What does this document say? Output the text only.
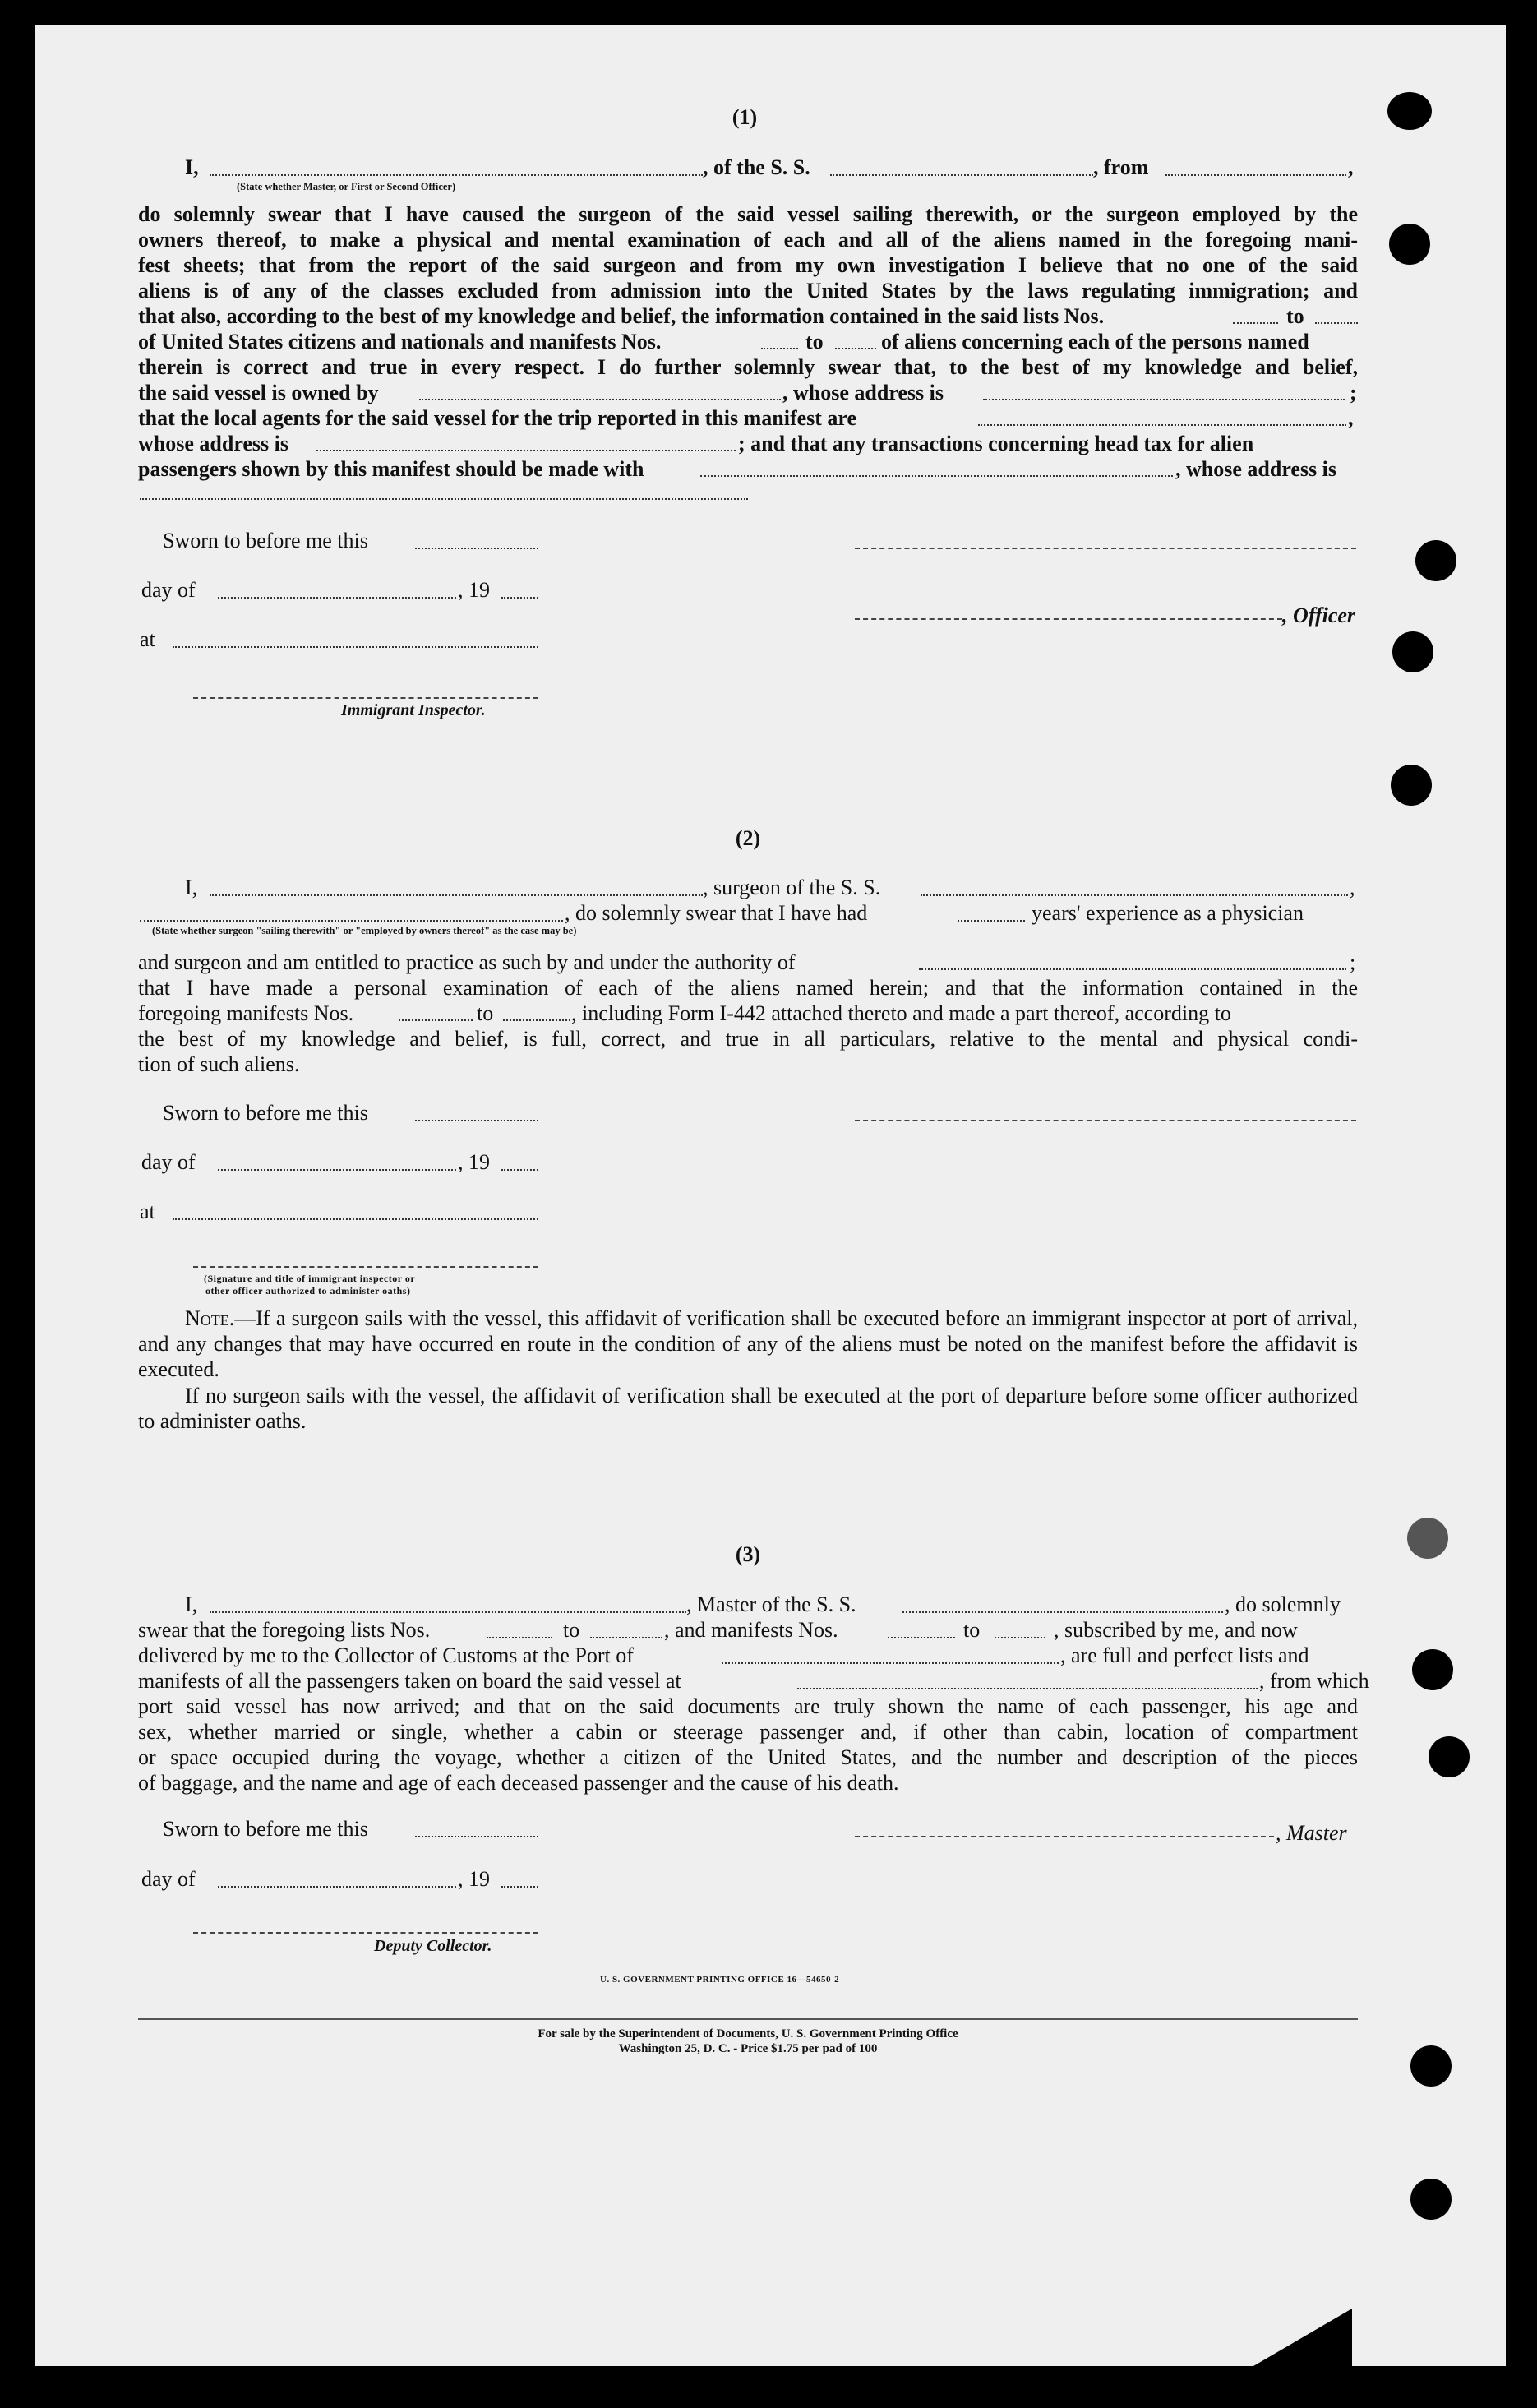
(1)
I,	, of the S. S.	, from	,
(State whether Master, or First or Second Officer)
do solemnly swear that I have caused the surgeon of the said vessel sailing therewith, or the surgeon employed by the
owners thereof, to make a physical and mental examination of each and all of the aliens named in the foregoing mani-
fest sheets; that from the report of the said surgeon and from my own investigation I believe that no one of the said
aliens is of any of the classes excluded from admission into the United States by the laws regulating immigration; and
that also, according to the best of my knowledge and belief, the information contained in the said lists Nos.	to
of United States citizens and nationals and manifests Nos.	to	of aliens concerning each of the persons named
therein is correct and true in every respect. I do further solemnly swear that, to the best of my knowledge and belief,
the said vessel is owned by	, whose address is	;
that the local agents for the said vessel for the trip reported in this manifest are	,
whose address is	; and that any transactions concerning head tax for alien
passengers shown by this manifest should be made with	, whose address is
Sworn to before me this
day of	, 19
, Officer
at
Immigrant Inspector.
(2)
I,	, surgeon of the S. S.	,
, do solemnly swear that I have had	years' experience as a physician
(State whether surgeon "sailing therewith" or "employed by owners thereof" as the case may be)
and surgeon and am entitled to practice as such by and under the authority of	;
that I have made a personal examination of each of the aliens named herein; and that the information contained in the
foregoing manifests Nos.	to	, including Form I-442 attached thereto and made a part thereof, according to
the best of my knowledge and belief, is full, correct, and true in all particulars, relative to the mental and physical condi-
tion of such aliens.
Sworn to before me this
day of	, 19
at
(Signature and title of immigrant inspector or
other officer authorized to administer oaths)
Note.—If a surgeon sails with the vessel, this affidavit of verification shall be executed before an immigrant inspector at port of arrival, and any changes that may have occurred en route in the condition of any of the aliens must be noted on the manifest before the affidavit is executed.
If no surgeon sails with the vessel, the affidavit of verification shall be executed at the port of departure before some officer authorized to administer oaths.
(3)
I,	, Master of the S. S.	, do solemnly
swear that the foregoing lists Nos.	to	, and manifests Nos.	to	, subscribed by me, and now
delivered by me to the Collector of Customs at the Port of	, are full and perfect lists and
manifests of all the passengers taken on board the said vessel at	, from which
port said vessel has now arrived; and that on the said documents are truly shown the name of each passenger, his age and
sex, whether married or single, whether a cabin or steerage passenger and, if other than cabin, location of compartment
or space occupied during the voyage, whether a citizen of the United States, and the number and description of the pieces
of baggage, and the name and age of each deceased passenger and the cause of his death.
Sworn to before me this	, Master
day of	, 19
Deputy Collector.
U. S. GOVERNMENT PRINTING OFFICE 16—54650-2
For sale by the Superintendent of Documents, U. S. Government Printing Office
Washington 25, D. C. - Price $1.75 per pad of 100
